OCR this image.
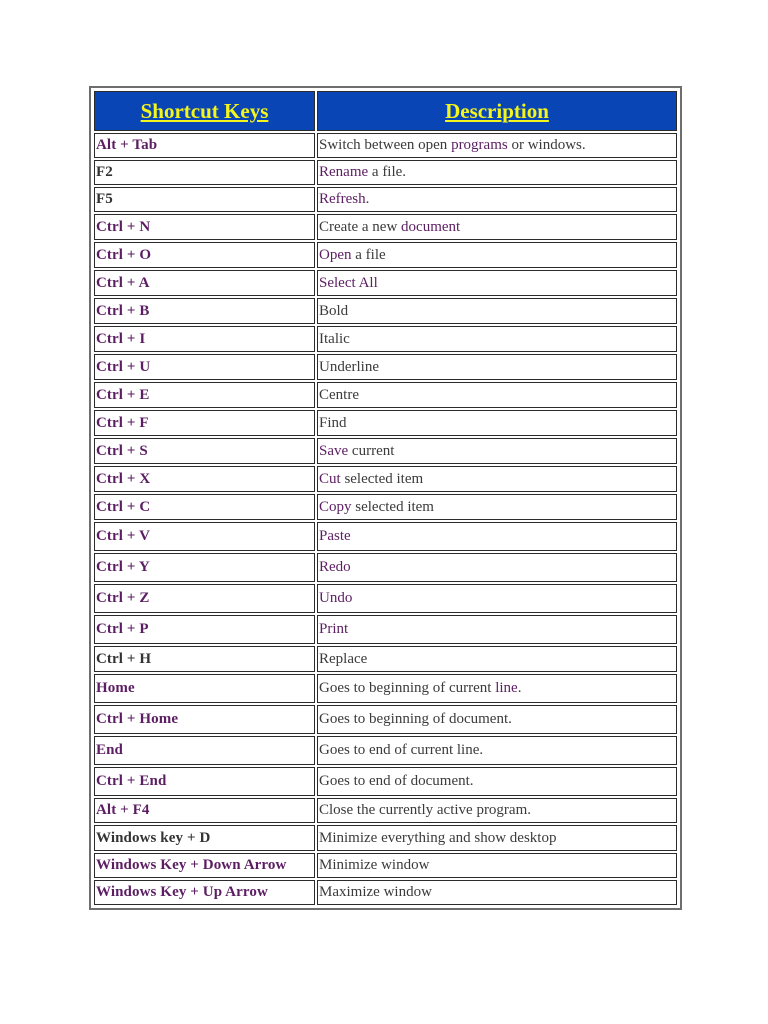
Shortcut Keys	Description
Alt + Tab	Switch between open programs or windows.
F2	Rename a file.
F5	Refresh.
Ctrl + N	Create a new document
Ctrl + O	Open a file
Ctrl + A	Select All
Ctrl + B	Bold
Ctrl + I	Italic
Ctrl + U	Underline
Ctrl + E	Centre
Ctrl + F	Find
Ctrl + S	Save current
Ctrl + X	Cut selected item
Ctrl + C	Copy selected item
Ctrl + V	Paste
Ctrl + Y	Redo
Ctrl + Z	Undo
Ctrl + P	Print
Ctrl + H	Replace
Home	Goes to beginning of current line.
Ctrl + Home	Goes to beginning of document.
End	Goes to end of current line.
Ctrl + End	Goes to end of document.
Alt + F4	Close the currently active program.
Windows key + D	Minimize everything and show desktop
Windows Key + Down Arrow	Minimize window
Windows Key + Up Arrow	Maximize window
